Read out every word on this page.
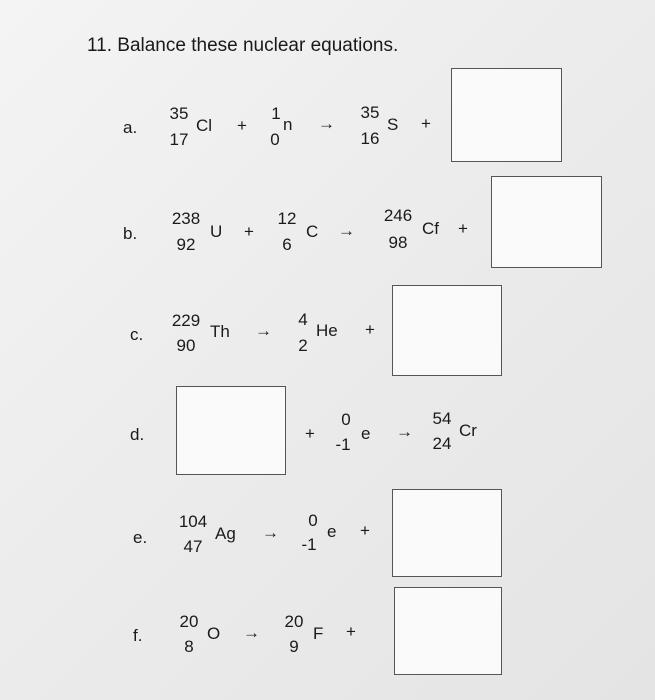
11. Balance these nuclear equations.
a.
35
17
Cl +
1
0
n →
35
16
S +
b.
238
92
U +
12
6
C →
246
98
Cf +
c.
229
90
Th →
4
2
He +
d.	+
0
-1
e →
54
24
Cr
e.
104
47
Ag →
0
-1
e +
f.
20
8
O →
20
9
F +
